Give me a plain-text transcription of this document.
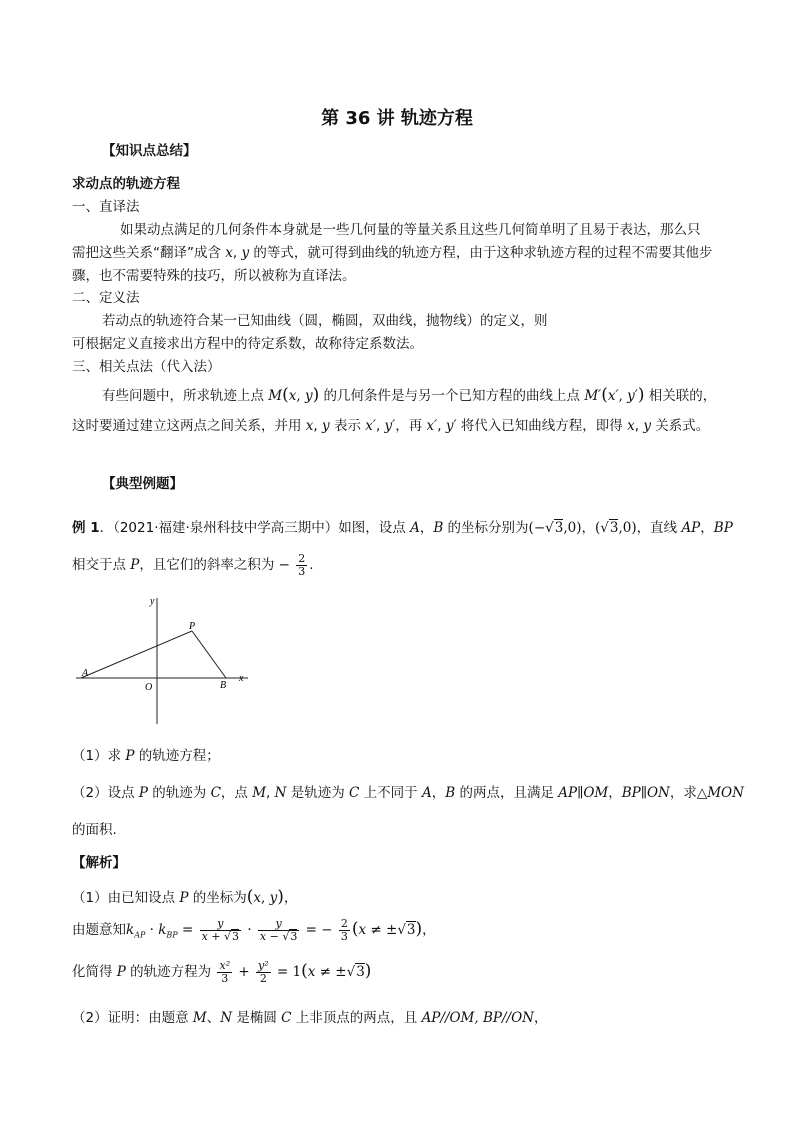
第 36 讲 轨迹方程
【知识点总结】
求动点的轨迹方程
一、直译法
如果动点满足的几何条件本身就是一些几何量的等量关系且这些几何简单明了且易于表达，那么只
需把这些关系“翻译”成含 x, y 的等式，就可得到曲线的轨迹方程，由于这种求轨迹方程的过程不需要其他步
骤，也不需要特殊的技巧，所以被称为直译法。
二、定义法
若动点的轨迹符合某一已知曲线（圆，椭圆，双曲线，抛物线）的定义，则
可根据定义直接求出方程中的待定系数，故称待定系数法。
三、相关点法（代入法）
有些问题中，所求轨迹上点 M(x, y) 的几何条件是与另一个已知方程的曲线上点 M′(x′, y′) 相关联的，
这时要通过建立这两点之间关系，并用 x, y 表示 x′, y′，再 x′, y′ 将代入已知曲线方程，即得 x, y 关系式。
【典型例题】
例 1．（2021·福建·泉州科技中学高三期中）如图，设点 A，B 的坐标分别为(−√3,0)，(√3,0)，直线 AP，BP
相交于点 P，且它们的斜率之积为 − $\frac{2}{3}$ .
y
x
P
A
O	B
（1）求 P 的轨迹方程；
（2）设点 P 的轨迹为 C，点 M, N 是轨迹为 C 上不同于 A，B 的两点，且满足 AP∥OM，BP∥ON，求△MON
的面积.
【解析】
（1）由已知设点 P 的坐标为(x, y)，
由题意知$k_{AP} \cdot k_{BP} = \frac{y}{x + √3} \cdot \frac{y}{x - √3}$ = − $\frac{2}{3} (x \ne \pm√3)$，
化简得 P 的轨迹方程为 $\frac{\text{x²}}{3} + \frac{\text{y²}}{2} = 1(x \ne \pm√3)$
（2）证明：由题意 M、N 是椭圆 C 上非顶点的两点，且 AP//OM, BP//ON，
